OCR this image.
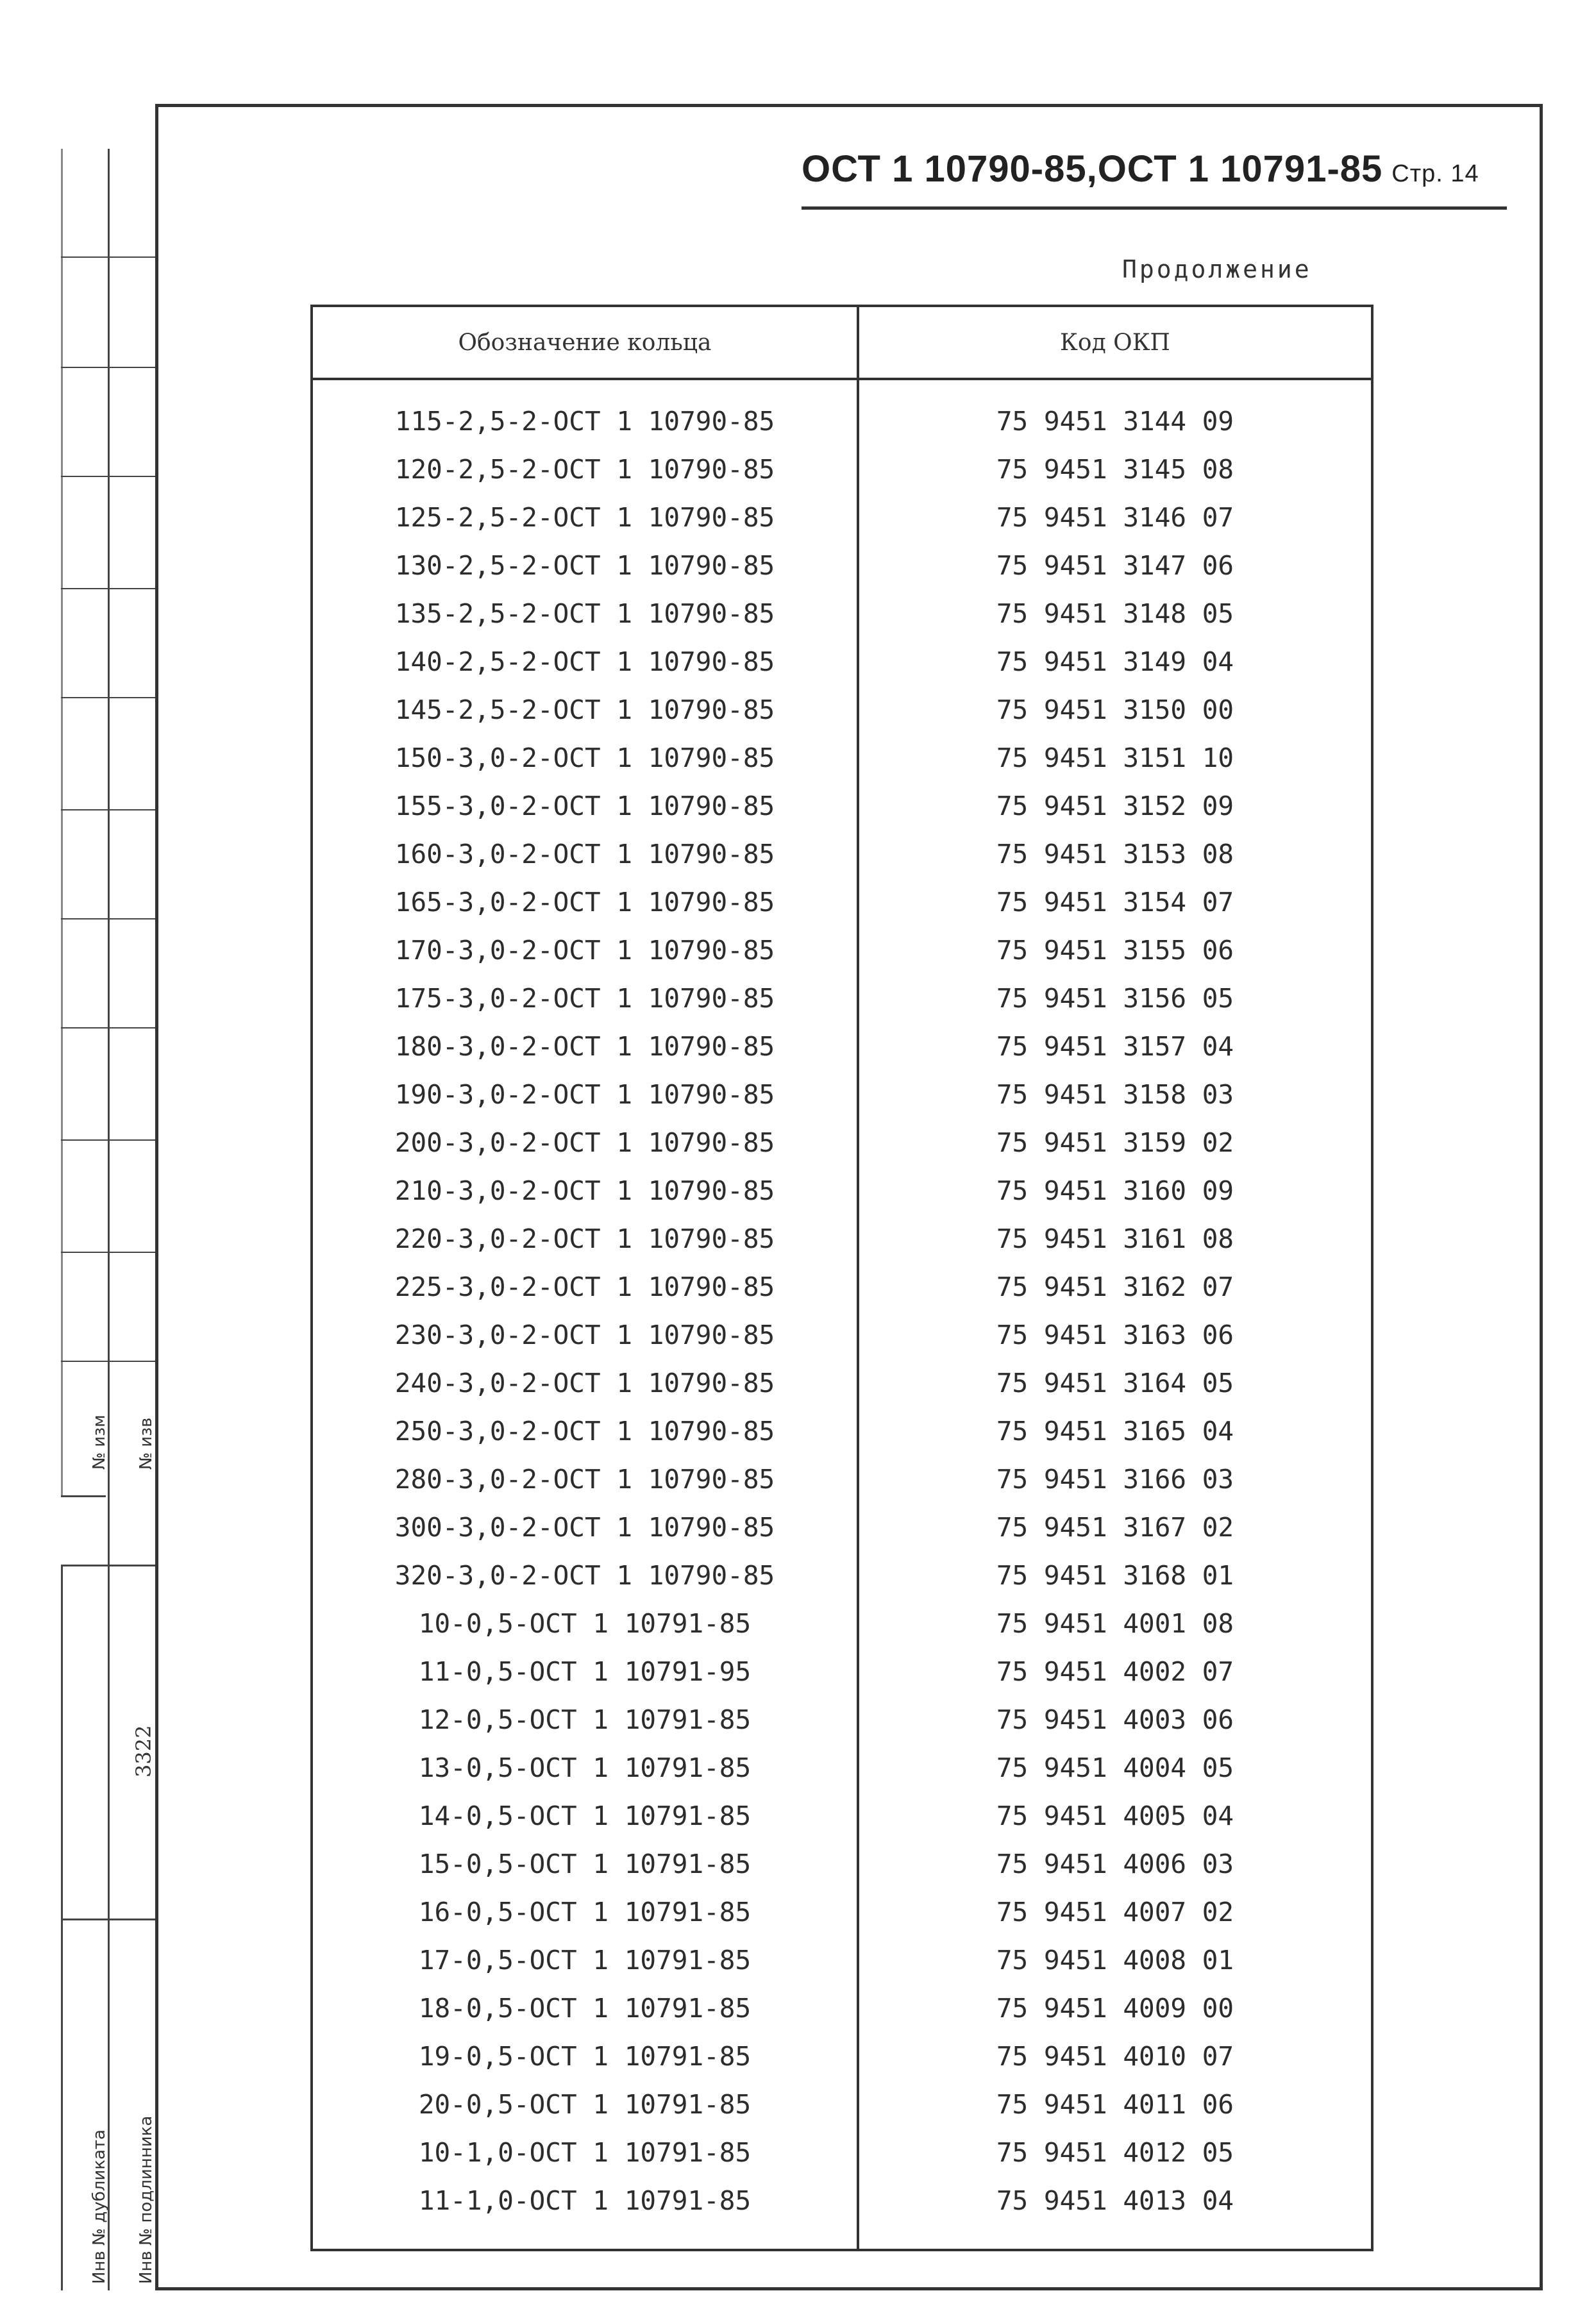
№ изм № изв
3322
Инв № дубликата Инв № подлинника
ОСТ 1 10790-85,ОСТ 1 10791-85 Стр. 14
Продолжение
Обозначение кольца	Код ОКП
115-2,5-2-ОСТ 1 10790-85	75 9451 3144 09
120-2,5-2-ОСТ 1 10790-85	75 9451 3145 08
125-2,5-2-ОСТ 1 10790-85	75 9451 3146 07
130-2,5-2-ОСТ 1 10790-85	75 9451 3147 06
135-2,5-2-ОСТ 1 10790-85	75 9451 3148 05
140-2,5-2-ОСТ 1 10790-85	75 9451 3149 04
145-2,5-2-ОСТ 1 10790-85	75 9451 3150 00
150-3,0-2-ОСТ 1 10790-85	75 9451 3151 10
155-3,0-2-ОСТ 1 10790-85	75 9451 3152 09
160-3,0-2-ОСТ 1 10790-85	75 9451 3153 08
165-3,0-2-ОСТ 1 10790-85	75 9451 3154 07
170-3,0-2-ОСТ 1 10790-85	75 9451 3155 06
175-3,0-2-ОСТ 1 10790-85	75 9451 3156 05
180-3,0-2-ОСТ 1 10790-85	75 9451 3157 04
190-3,0-2-ОСТ 1 10790-85	75 9451 3158 03
200-3,0-2-ОСТ 1 10790-85	75 9451 3159 02
210-3,0-2-ОСТ 1 10790-85	75 9451 3160 09
220-3,0-2-ОСТ 1 10790-85	75 9451 3161 08
225-3,0-2-ОСТ 1 10790-85	75 9451 3162 07
230-3,0-2-ОСТ 1 10790-85	75 9451 3163 06
240-3,0-2-ОСТ 1 10790-85	75 9451 3164 05
250-3,0-2-ОСТ 1 10790-85	75 9451 3165 04
280-3,0-2-ОСТ 1 10790-85	75 9451 3166 03
300-3,0-2-ОСТ 1 10790-85	75 9451 3167 02
320-3,0-2-ОСТ 1 10790-85	75 9451 3168 01
10-0,5-ОСТ 1 10791-85	75 9451 4001 08
11-0,5-ОСТ 1 10791-95	75 9451 4002 07
12-0,5-ОСТ 1 10791-85	75 9451 4003 06
13-0,5-ОСТ 1 10791-85	75 9451 4004 05
14-0,5-ОСТ 1 10791-85	75 9451 4005 04
15-0,5-ОСТ 1 10791-85	75 9451 4006 03
16-0,5-ОСТ 1 10791-85	75 9451 4007 02
17-0,5-ОСТ 1 10791-85	75 9451 4008 01
18-0,5-ОСТ 1 10791-85	75 9451 4009 00
19-0,5-ОСТ 1 10791-85	75 9451 4010 07
20-0,5-ОСТ 1 10791-85	75 9451 4011 06
10-1,0-ОСТ 1 10791-85	75 9451 4012 05
11-1,0-ОСТ 1 10791-85	75 9451 4013 04
